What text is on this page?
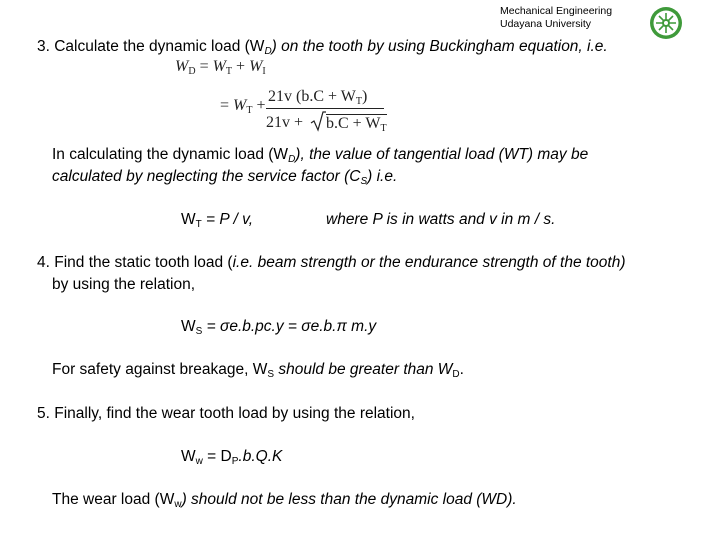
Mechanical Engineering
Udayana University
3. Calculate the dynamic load $(W_D)$ on the tooth by using Buckingham equation, i.e.
$W_D = W_T + W_I$
= $W_T$ +
21v $(b.C + W_T)$
$21v + b.C + W_T$
In calculating the dynamic load $(W_D)$, the value of tangential load (WT) may be
calculated by neglecting the service factor $(C_S)$ i.e.
$W_T = P / v$,	where P is in watts and v in m / s.
4. Find the static tooth load (i.e. beam strength or the endurance strength of the tooth)
by using the relation,
$W_S = \sigma e.b.pc.y = \sigma e.b.\pi$ m.y
For safety against breakage, $W_S$ should be greater than $W_D$.
5. Finally, find the wear tooth load by using the relation,
$W_w = D_P.b.Q.K$
The wear load $(W_w)$ should not be less than the dynamic load (WD).
